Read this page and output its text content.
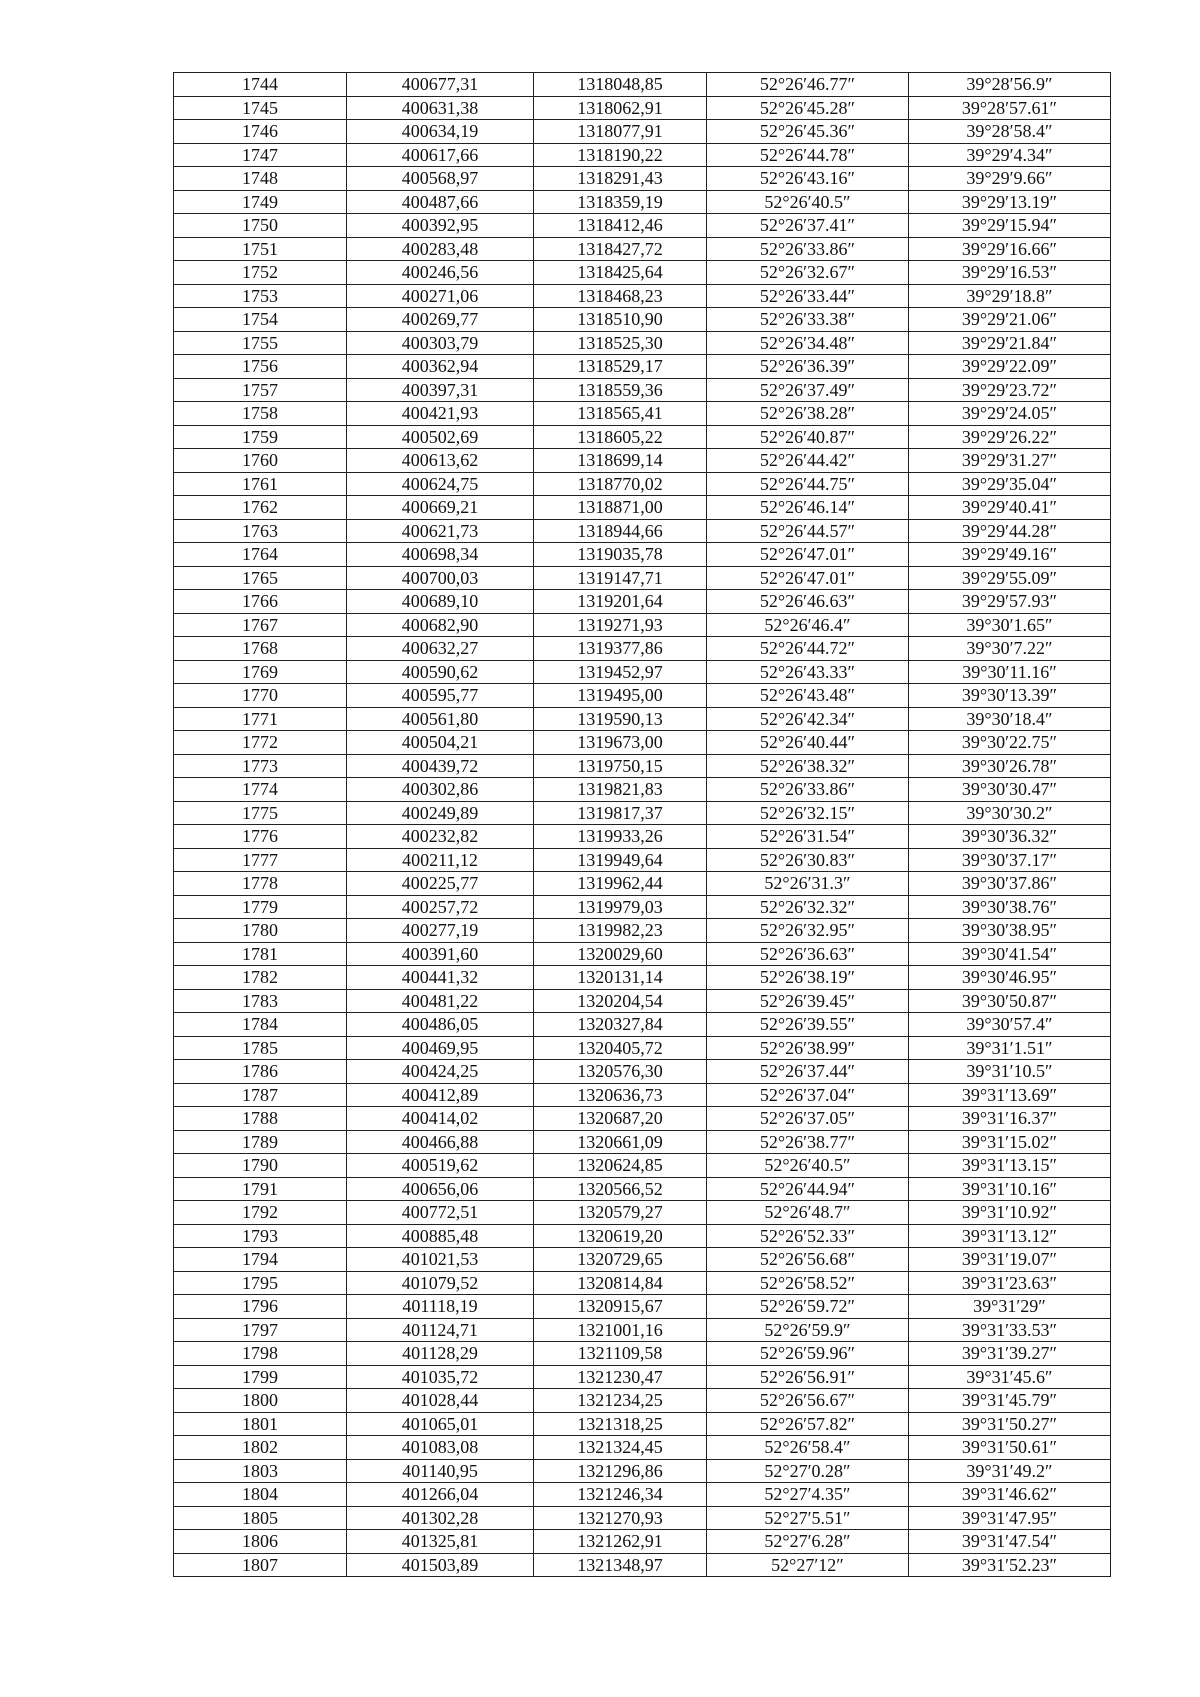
1744	400677,31	1318048,85	52°26′46.77″	39°28′56.9″
1745	400631,38	1318062,91	52°26′45.28″	39°28′57.61″
1746	400634,19	1318077,91	52°26′45.36″	39°28′58.4″
1747	400617,66	1318190,22	52°26′44.78″	39°29′4.34″
1748	400568,97	1318291,43	52°26′43.16″	39°29′9.66″
1749	400487,66	1318359,19	52°26′40.5″	39°29′13.19″
1750	400392,95	1318412,46	52°26′37.41″	39°29′15.94″
1751	400283,48	1318427,72	52°26′33.86″	39°29′16.66″
1752	400246,56	1318425,64	52°26′32.67″	39°29′16.53″
1753	400271,06	1318468,23	52°26′33.44″	39°29′18.8″
1754	400269,77	1318510,90	52°26′33.38″	39°29′21.06″
1755	400303,79	1318525,30	52°26′34.48″	39°29′21.84″
1756	400362,94	1318529,17	52°26′36.39″	39°29′22.09″
1757	400397,31	1318559,36	52°26′37.49″	39°29′23.72″
1758	400421,93	1318565,41	52°26′38.28″	39°29′24.05″
1759	400502,69	1318605,22	52°26′40.87″	39°29′26.22″
1760	400613,62	1318699,14	52°26′44.42″	39°29′31.27″
1761	400624,75	1318770,02	52°26′44.75″	39°29′35.04″
1762	400669,21	1318871,00	52°26′46.14″	39°29′40.41″
1763	400621,73	1318944,66	52°26′44.57″	39°29′44.28″
1764	400698,34	1319035,78	52°26′47.01″	39°29′49.16″
1765	400700,03	1319147,71	52°26′47.01″	39°29′55.09″
1766	400689,10	1319201,64	52°26′46.63″	39°29′57.93″
1767	400682,90	1319271,93	52°26′46.4″	39°30′1.65″
1768	400632,27	1319377,86	52°26′44.72″	39°30′7.22″
1769	400590,62	1319452,97	52°26′43.33″	39°30′11.16″
1770	400595,77	1319495,00	52°26′43.48″	39°30′13.39″
1771	400561,80	1319590,13	52°26′42.34″	39°30′18.4″
1772	400504,21	1319673,00	52°26′40.44″	39°30′22.75″
1773	400439,72	1319750,15	52°26′38.32″	39°30′26.78″
1774	400302,86	1319821,83	52°26′33.86″	39°30′30.47″
1775	400249,89	1319817,37	52°26′32.15″	39°30′30.2″
1776	400232,82	1319933,26	52°26′31.54″	39°30′36.32″
1777	400211,12	1319949,64	52°26′30.83″	39°30′37.17″
1778	400225,77	1319962,44	52°26′31.3″	39°30′37.86″
1779	400257,72	1319979,03	52°26′32.32″	39°30′38.76″
1780	400277,19	1319982,23	52°26′32.95″	39°30′38.95″
1781	400391,60	1320029,60	52°26′36.63″	39°30′41.54″
1782	400441,32	1320131,14	52°26′38.19″	39°30′46.95″
1783	400481,22	1320204,54	52°26′39.45″	39°30′50.87″
1784	400486,05	1320327,84	52°26′39.55″	39°30′57.4″
1785	400469,95	1320405,72	52°26′38.99″	39°31′1.51″
1786	400424,25	1320576,30	52°26′37.44″	39°31′10.5″
1787	400412,89	1320636,73	52°26′37.04″	39°31′13.69″
1788	400414,02	1320687,20	52°26′37.05″	39°31′16.37″
1789	400466,88	1320661,09	52°26′38.77″	39°31′15.02″
1790	400519,62	1320624,85	52°26′40.5″	39°31′13.15″
1791	400656,06	1320566,52	52°26′44.94″	39°31′10.16″
1792	400772,51	1320579,27	52°26′48.7″	39°31′10.92″
1793	400885,48	1320619,20	52°26′52.33″	39°31′13.12″
1794	401021,53	1320729,65	52°26′56.68″	39°31′19.07″
1795	401079,52	1320814,84	52°26′58.52″	39°31′23.63″
1796	401118,19	1320915,67	52°26′59.72″	39°31′29″
1797	401124,71	1321001,16	52°26′59.9″	39°31′33.53″
1798	401128,29	1321109,58	52°26′59.96″	39°31′39.27″
1799	401035,72	1321230,47	52°26′56.91″	39°31′45.6″
1800	401028,44	1321234,25	52°26′56.67″	39°31′45.79″
1801	401065,01	1321318,25	52°26′57.82″	39°31′50.27″
1802	401083,08	1321324,45	52°26′58.4″	39°31′50.61″
1803	401140,95	1321296,86	52°27′0.28″	39°31′49.2″
1804	401266,04	1321246,34	52°27′4.35″	39°31′46.62″
1805	401302,28	1321270,93	52°27′5.51″	39°31′47.95″
1806	401325,81	1321262,91	52°27′6.28″	39°31′47.54″
1807	401503,89	1321348,97	52°27′12″	39°31′52.23″
